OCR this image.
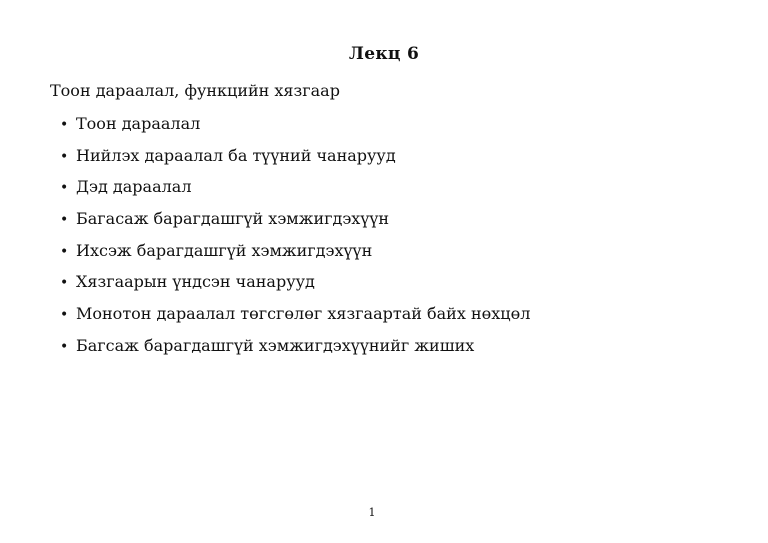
Лекц 6
Тоон дараалал, функцийн хязгаар
• Тоон дараалал
• Нийлэх дараалал ба түүний чанарууд
• Дэд дараалал
• Багасаж барагдашгүй хэмжигдэхүүн
• Ихсэж барагдашгүй хэмжигдэхүүн
• Хязгаарын үндсэн чанарууд
• Монотон дараалал төгсгөлөг хязгаартай байх нөхцөл
• Багсаж барагдашгүй хэмжигдэхүүнийг жиших
1
